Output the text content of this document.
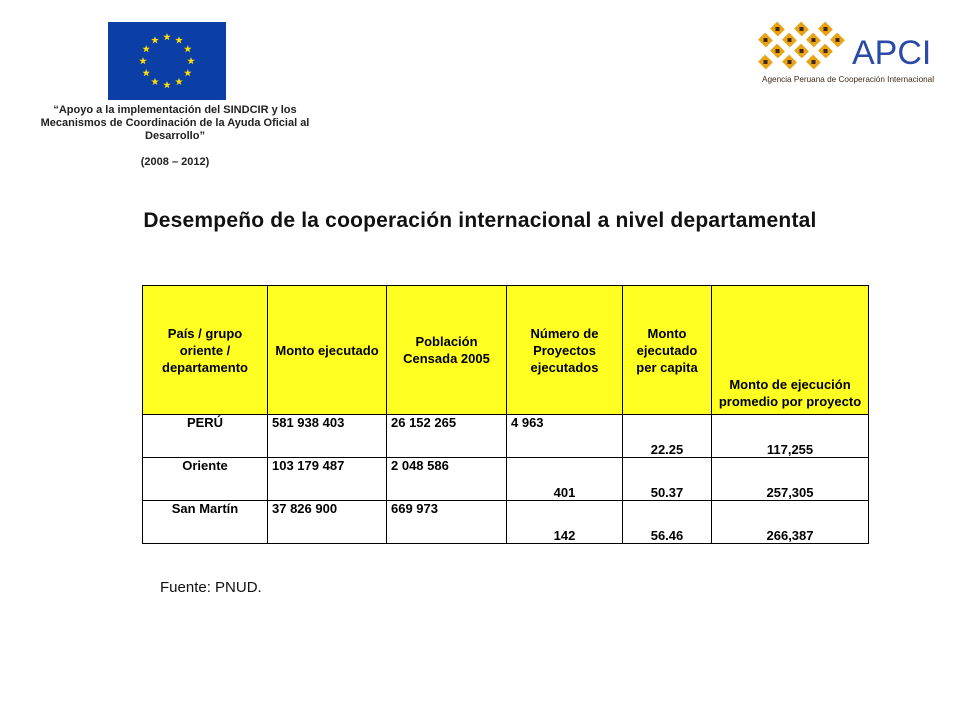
“Apoyo a la implementación del SINDCIR y los Mecanismos de Coordinación de la Ayuda Oficial al Desarrollo”
(2008 – 2012)
APCI
Agencia Peruana de Cooperación Internacional
Desempeño de la cooperación internacional a nivel departamental
País / grupo oriente / departamento	Monto ejecutado	Población Censada 2005	Número de Proyectos ejecutados	Monto ejecutado per capita	Monto de ejecución promedio por proyecto
PERÚ	581 938 403	26 152 265	4 963	22.25	117,255
Oriente	103 179 487	2 048 586	401	50.37	257,305
San Martín	37 826 900	669 973	142	56.46	266,387
Fuente: PNUD.
